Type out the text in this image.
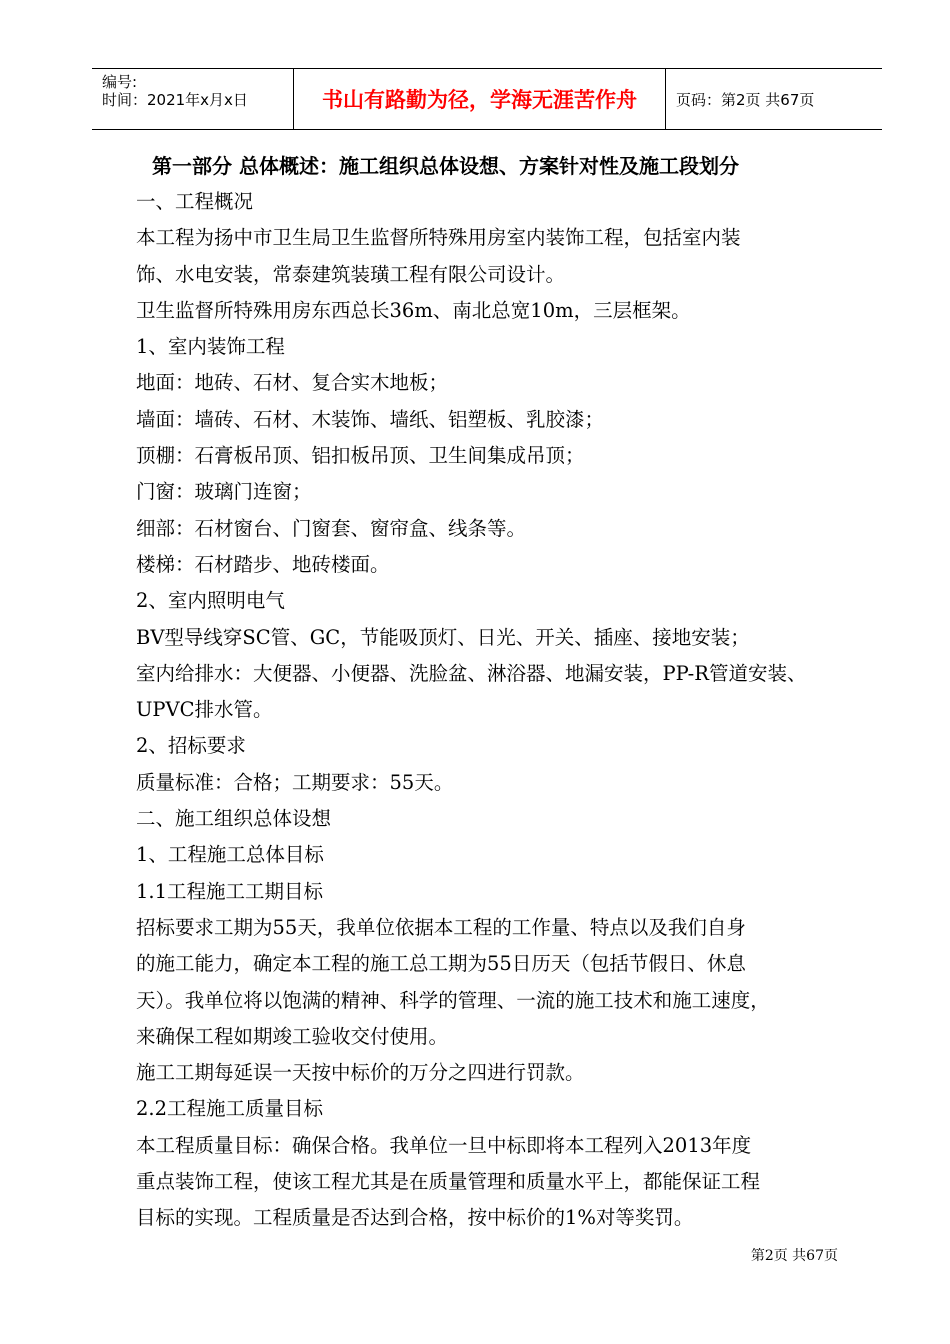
编号:
时间：2021年x月x日	书山有路勤为径，学海无涯苦作舟	页码：第2页 共67页
第一部分 总体概述：施工组织总体设想、方案针对性及施工段划分
一、工程概况
本工程为扬中市卫生局卫生监督所特殊用房室内装饰工程，包括室内装
饰、水电安装，常泰建筑装璜工程有限公司设计。
卫生监督所特殊用房东西总长36m、南北总宽10m，三层框架。
1、室内装饰工程
地面：地砖、石材、复合实木地板；
墙面：墙砖、石材、木装饰、墙纸、铝塑板、乳胶漆；
顶棚：石膏板吊顶、铝扣板吊顶、卫生间集成吊顶；
门窗：玻璃门连窗；
细部：石材窗台、门窗套、窗帘盒、线条等。
楼梯：石材踏步、地砖楼面。
2、室内照明电气
BV型导线穿SC管、GC，节能吸顶灯、日光、开关、插座、接地安装；
室内给排水：大便器、小便器、洗脸盆、淋浴器、地漏安装，PP-R管道安装、
UPVC排水管。
2、招标要求
质量标准：合格；工期要求：55天。
二、施工组织总体设想
1、工程施工总体目标
1.1工程施工工期目标
招标要求工期为55天，我单位依据本工程的工作量、特点以及我们自身
的施工能力，确定本工程的施工总工期为55日历天（包括节假日、休息
天）。我单位将以饱满的精神、科学的管理、一流的施工技术和施工速度，
来确保工程如期竣工验收交付使用。
施工工期每延误一天按中标价的万分之四进行罚款。
2.2工程施工质量目标
本工程质量目标：确保合格。我单位一旦中标即将本工程列入2013年度
重点装饰工程，使该工程尤其是在质量管理和质量水平上，都能保证工程
目标的实现。工程质量是否达到合格，按中标价的1%对等奖罚。
第2页 共67页
